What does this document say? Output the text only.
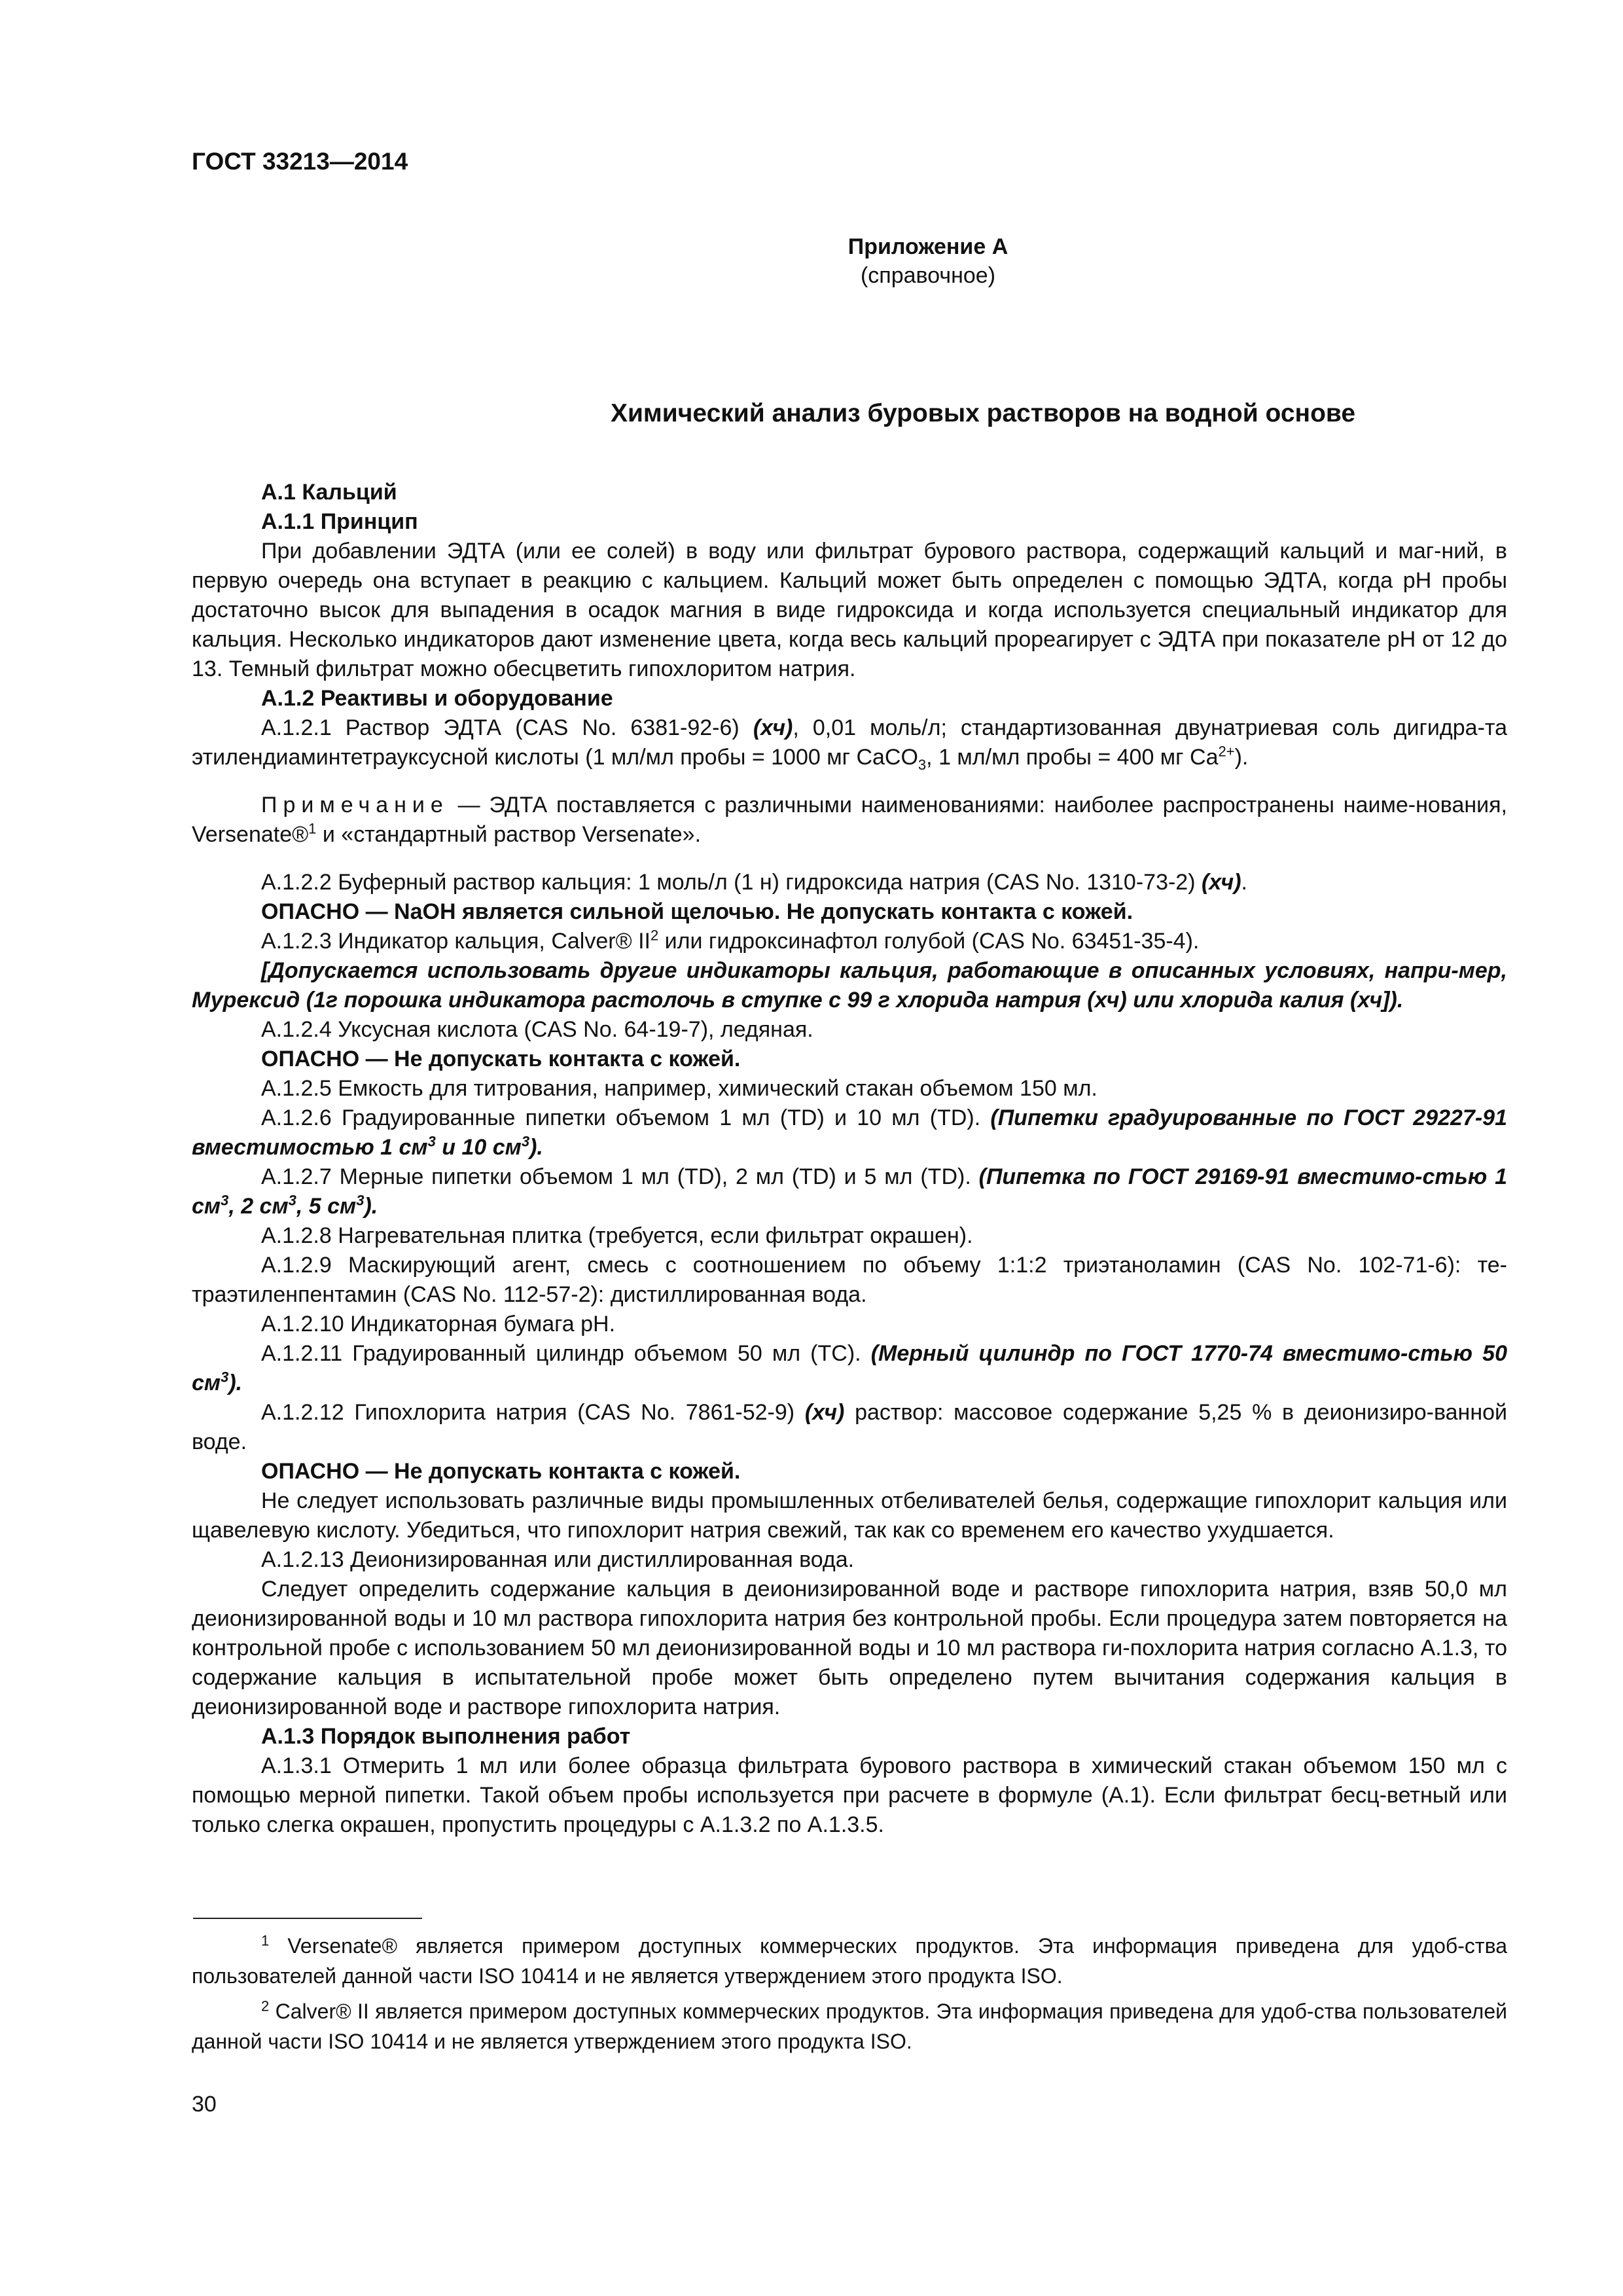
ГОСТ 33213—2014
Приложение А
(справочное)
Химический анализ буровых растворов на водной основе

А.1 Кальций

А.1.1 Принцип

При добавлении ЭДТА (или ее солей) в воду или фильтрат бурового раствора, содержащий кальций и маг-ний, в первую очередь она вступает в реакцию с кальцием. Кальций может быть определен с помощью ЭДТА, когда pH пробы достаточно высок для выпадения в осадок магния в виде гидроксида и когда используется специальный индикатор для кальция. Несколько индикаторов дают изменение цвета, когда весь кальций прореагирует с ЭДТА при показателе pH от 12 до 13. Темный фильтрат можно обесцветить гипохлоритом натрия.

А.1.2 Реактивы и оборудование

А.1.2.1 Раствор ЭДТА (CAS No. 6381-92-6) (хч), 0,01 моль/л; стандартизованная двунатриевая соль дигидра-та этилендиаминтетрауксусной кислоты (1 мл/мл пробы = 1000 мг CaCO$_3$, 1 мл/мл пробы = 400 мг $Ca^{2+}$).

Примечание — ЭДТА поставляется с различными наименованиями: наиболее распространены наиме-нования, Versenate®$^1$ и «стандартный раствор Versenate».

А.1.2.2 Буферный раствор кальция: 1 моль/л (1 н) гидроксида натрия (CAS No. 1310-73-2) (хч).

ОПАСНО — NaOH является сильной щелочью. Не допускать контакта с кожей.

А.1.2.3 Индикатор кальция, Calver® $II^2$ или гидроксинафтол голубой (CAS No. 63451-35-4).

[Допускается использовать другие индикаторы кальция, работающие в описанных условиях, напри-мер, Мурексид (1г порошка индикатора растолочь в ступке с 99 г хлорида натрия (хч) или хлорида калия (хч]).

А.1.2.4 Уксусная кислота (CAS No. 64-19-7), ледяная.

ОПАСНО — Не допускать контакта с кожей.

А.1.2.5 Емкость для титрования, например, химический стакан объемом 150 мл.

А.1.2.6 Градуированные пипетки объемом 1 мл (TD) и 10 мл (TD). (Пипетки градуированные по ГОСТ 29227-91 вместимостью 1 $см^3$ и 10 $см^3$).

А.1.2.7 Мерные пипетки объемом 1 мл (TD), 2 мл (TD) и 5 мл (TD). (Пипетка по ГОСТ 29169-91 вместимо-стью 1 $см^3$, 2 $см^3$, 5 $см^3$).

А.1.2.8 Нагревательная плитка (требуется, если фильтрат окрашен).

А.1.2.9 Маскирующий агент, смесь с соотношением по объему 1:1:2 триэтаноламин (CAS No. 102-71-6): те-траэтиленпентамин (CAS No. 112-57-2): дистиллированная вода.

А.1.2.10 Индикаторная бумага pH.

А.1.2.11 Градуированный цилиндр объемом 50 мл (TC). (Мерный цилиндр по ГОСТ 1770-74 вместимо-стью 50 $см^3$).

А.1.2.12 Гипохлорита натрия (CAS No. 7861-52-9) (хч) раствор: массовое содержание 5,25 % в деионизиро-ванной воде.

ОПАСНО — Не допускать контакта с кожей.

Не следует использовать различные виды промышленных отбеливателей белья, содержащие гипохлорит кальция или щавелевую кислоту. Убедиться, что гипохлорит натрия свежий, так как со временем его качество ухудшается.

А.1.2.13 Деионизированная или дистиллированная вода.

Следует определить содержание кальция в деионизированной воде и растворе гипохлорита натрия, взяв 50,0 мл деионизированной воды и 10 мл раствора гипохлорита натрия без контрольной пробы. Если процедура затем повторяется на контрольной пробе с использованием 50 мл деионизированной воды и 10 мл раствора ги-похлорита натрия согласно А.1.3, то содержание кальция в испытательной пробе может быть определено путем вычитания содержания кальция в деионизированной воде и растворе гипохлорита натрия.

А.1.3 Порядок выполнения работ

А.1.3.1 Отмерить 1 мл или более образца фильтрата бурового раствора в химический стакан объемом 150 мл с помощью мерной пипетки. Такой объем пробы используется при расчете в формуле (А.1). Если фильтрат бесц-ветный или только слегка окрашен, пропустить процедуры с А.1.3.2 по А.1.3.5.

$^1$ Versenate® является примером доступных коммерческих продуктов. Эта информация приведена для удоб-ства пользователей данной части ISO 10414 и не является утверждением этого продукта ISO.

$^2$ Calver® II является примером доступных коммерческих продуктов. Эта информация приведена для удоб-ства пользователей данной части ISO 10414 и не является утверждением этого продукта ISO.

30
